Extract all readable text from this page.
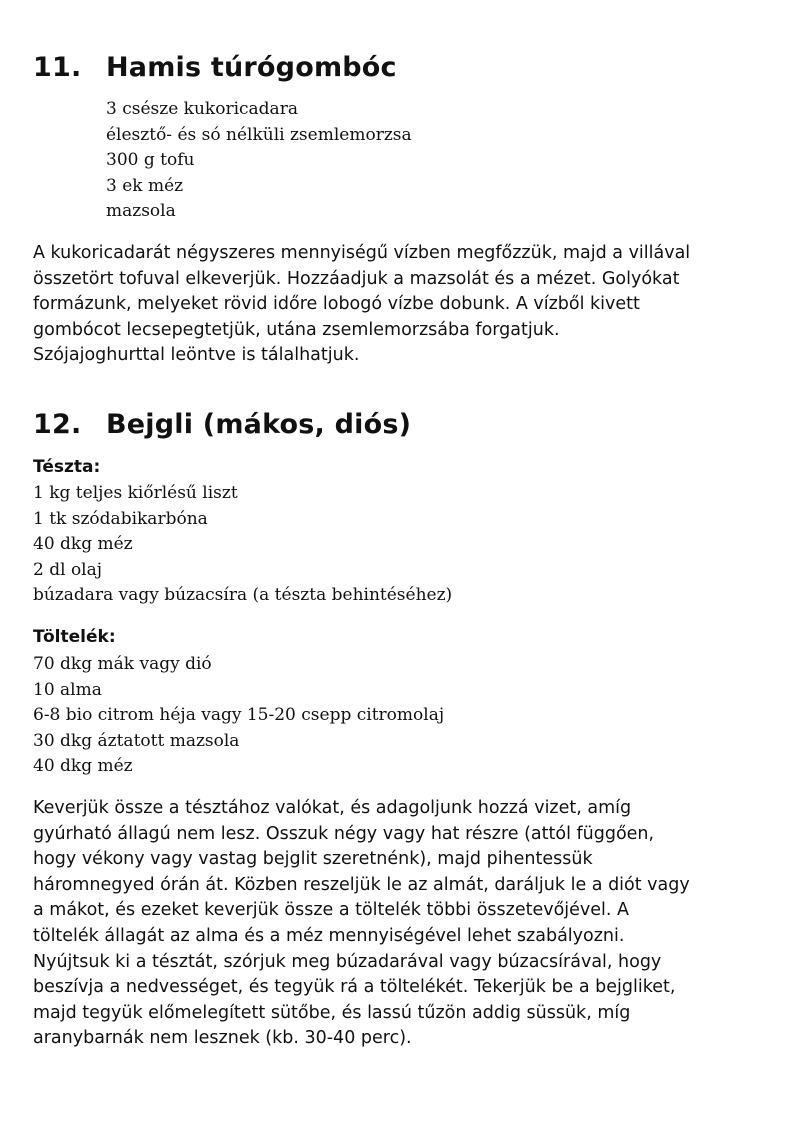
11. Hamis túrógombóc
3 csésze kukoricadara
élesztő- és só nélküli zsemlemorzsa
300 g tofu
3 ek méz
mazsola
A kukoricadarát négyszeres mennyiségű vízben megfőzzük, majd a villával
összetört tofuval elkeverjük. Hozzáadjuk a mazsolát és a mézet. Golyókat
formázunk, melyeket rövid időre lobogó vízbe dobunk. A vízből kivett
gombócot lecsepegtetjük, utána zsemlemorzsába forgatjuk.
Szójajoghurttal leöntve is tálalhatjuk.
12. Bejgli (mákos, diós)
Tészta:
1 kg teljes kiőrlésű liszt
1 tk szódabikarbóna
40 dkg méz
2 dl olaj
búzadara vagy búzacsíra (a tészta behintéséhez)
Töltelék:
70 dkg mák vagy dió
10 alma
6-8 bio citrom héja vagy 15-20 csepp citromolaj
30 dkg áztatott mazsola
40 dkg méz
Keverjük össze a tésztához valókat, és adagoljunk hozzá vizet, amíg
gyúrható állagú nem lesz. Osszuk négy vagy hat részre (attól függően,
hogy vékony vagy vastag bejglit szeretnénk), majd pihentessük
háromnegyed órán át. Közben reszeljük le az almát, daráljuk le a diót vagy
a mákot, és ezeket keverjük össze a töltelék többi összetevőjével. A
töltelék állagát az alma és a méz mennyiségével lehet szabályozni.
Nyújtsuk ki a tésztát, szórjuk meg búzadarával vagy búzacsírával, hogy
beszívja a nedvességet, és tegyük rá a töltelékét. Tekerjük be a bejgliket,
majd tegyük előmelegített sütőbe, és lassú tűzön addig süssük, míg
aranybarnák nem lesznek (kb. 30-40 perc).
